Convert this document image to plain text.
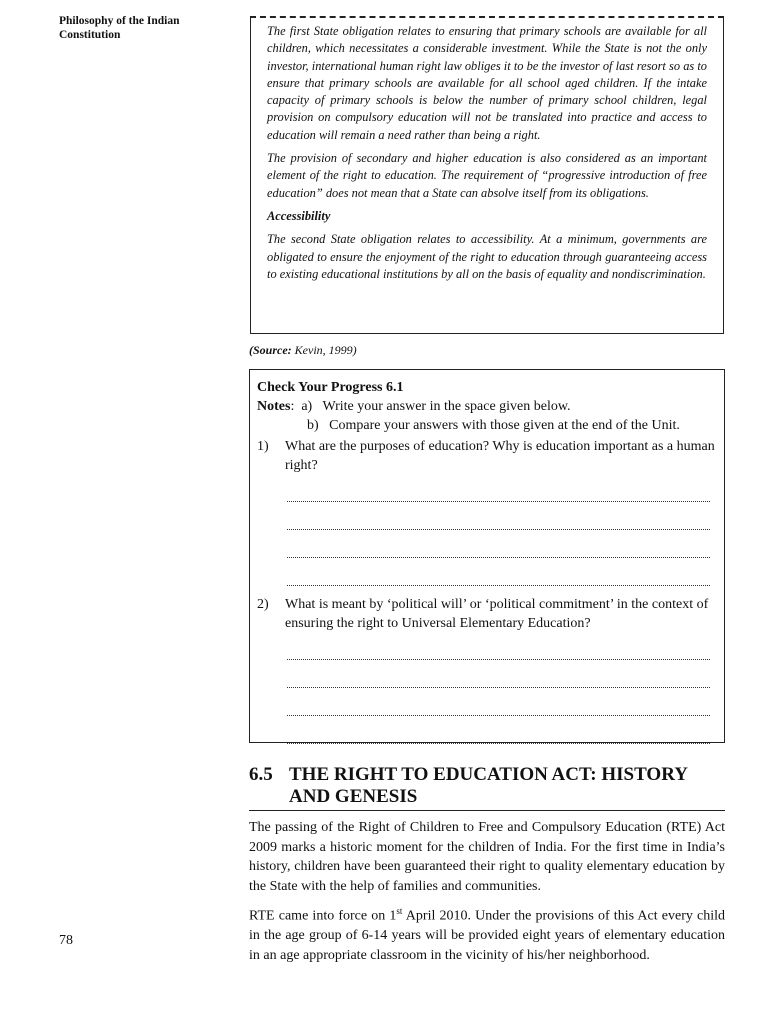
Philosophy of the Indian Constitution	The first State obligation relates to ensuring that primary schools are available for all children, which necessitates a considerable investment. While the State is not the only investor, international human right law obliges it to be the investor of last resort so as to ensure that primary schools are available for all school aged children. If the intake capacity of primary schools is below the number of primary school children, legal provision on compulsory education will not be translated into practice and access to education will remain a need rather than being a right.

The provision of secondary and higher education is also considered as an important element of the right to education. The requirement of “progressive introduction of free education” does not mean that a State can absolve itself from its obligations.

Accessibility

The second State obligation relates to accessibility. At a minimum, governments are obligated to ensure the enjoyment of the right to education through guaranteeing access to existing educational institutions by all on the basis of equality and nondiscrimination.

(Source: Kevin, 1999)
Check Your Progress 6.1
Notes :  a)   Write your answer in the space given below.
b)   Compare your answers with those given at the end of the Unit.
1)	What are the purposes of education? Why is education important as a human right?
2)	What is meant by ‘political will’ or ‘political commitment’ in the context of ensuring the right to Universal Elementary Education?
6.5 THE RIGHT TO EDUCATION ACT: HISTORY AND GENESIS

The passing of the Right of Children to Free and Compulsory Education (RTE) Act 2009 marks a historic moment for the children of India. For the first time in India’s history, children have been guaranteed their right to quality elementary education by the State with the help of families and communities.

RTE came into force on 1st April 2010. Under the provisions of this Act every child in the age group of 6-14 years will be provided eight years of elementary education in an age appropriate classroom in the vicinity of his/her neighborhood.

78
